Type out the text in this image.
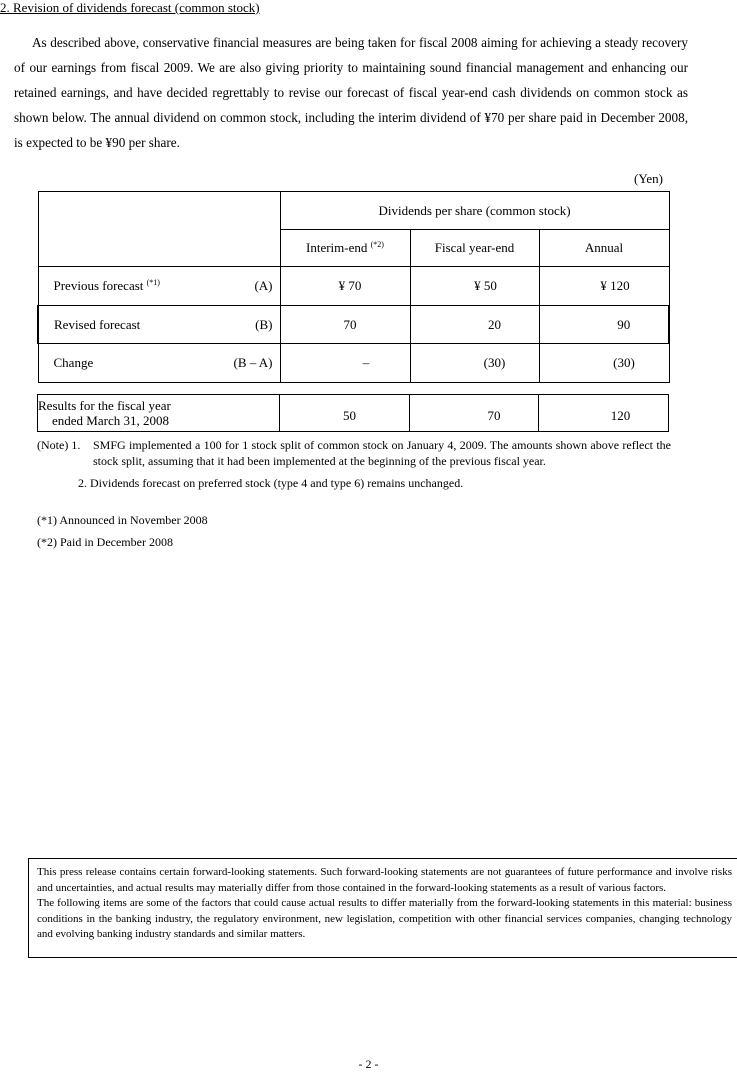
2. Revision of dividends forecast (common stock)

As described above, conservative financial measures are being taken for fiscal 2008 aiming for achieving a steady recovery of our earnings from fiscal 2009. We are also giving priority to maintaining sound financial management and enhancing our retained earnings, and have decided regrettably to revise our forecast of fiscal year-end cash dividends on common stock as shown below. The annual dividend on common stock, including the interim dividend of ¥70 per share paid in December 2008, is expected to be ¥90 per share.

(Yen)
	Dividends per share (common stock)		
	Interim-end $^{(*2)}$	Fiscal year-end	Annual

Previous forecast $^{(*1)}$ (A)	¥ 70	¥ 50	¥ 120

Revised forecast (B)	70	20	90

Change (B – A)	–	(30)	(30)
Results for the fiscal year
ended March 31, 2008	50	70	120
(Note) 1.	SMFG implemented a 100 for 1 stock split of common stock on January 4, 2009. The amounts shown above reflect the stock split, assuming that it had been implemented at the beginning of the previous fiscal year.
2. Dividends forecast on preferred stock (type 4 and type 6) remains unchanged.
(*1) Announced in November 2008
(*2) Paid in December 2008

This press release contains certain forward-looking statements. Such forward-looking statements are not guarantees of future performance and involve risks and uncertainties, and actual results may materially differ from those contained in the forward-looking statements as a result of various factors.

The following items are some of the factors that could cause actual results to differ materially from the forward-looking statements in this material: business conditions in the banking industry, the regulatory environment, new legislation, competition with other financial services companies, changing technology and evolving banking industry standards and similar matters.

- 2 -
